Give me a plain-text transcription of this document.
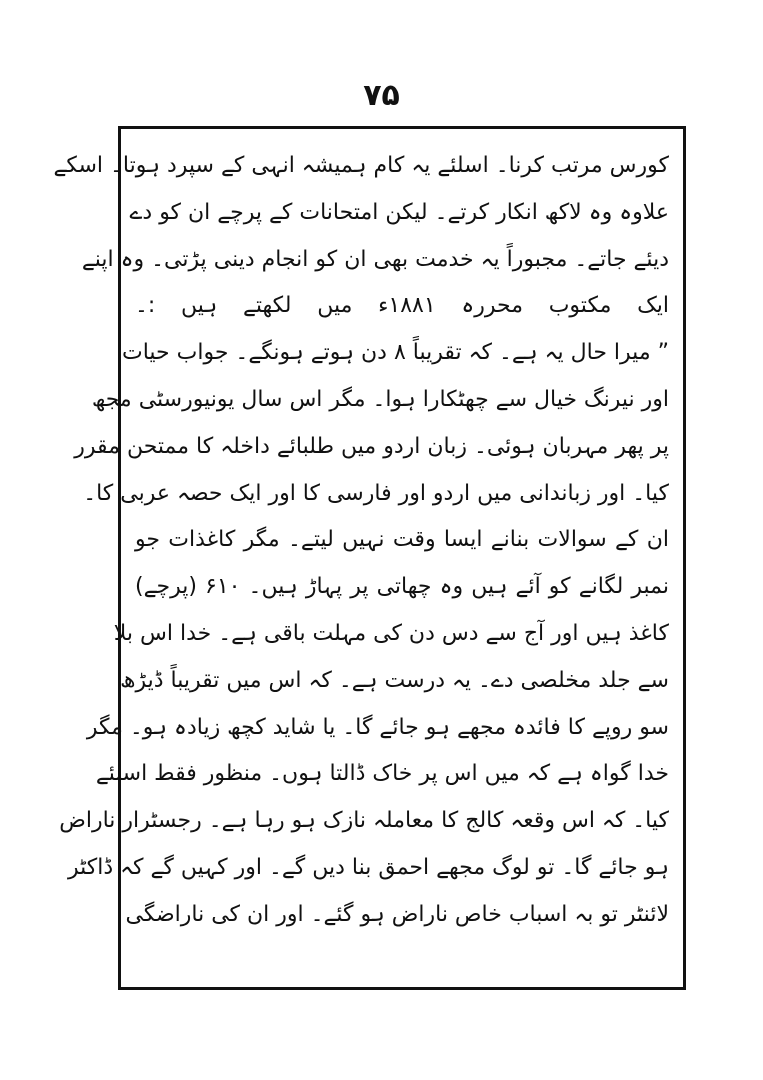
۷۵
کورس مرتب کرنا۔ اسلئے یہ کام ہمیشہ انہی کے سپرد ہوتا۔ اسکے
علاوہ وہ لاکھ انکار کرتے۔ لیکن امتحانات کے پرچے ان کو دے
دیئے جاتے۔ مجبوراً یہ خدمت بھی ان کو انجام دینی پڑتی۔ وہ اپنے
ایک مکتوب محررہ ۱۸۸۱ء میں لکھتے ہیں :۔
” میرا حال یہ ہے۔ کہ تقریباً ۸ دن ہوتے ہونگے۔ جواب حیات
اور نیرنگ خیال سے چھٹکارا ہوا۔ مگر اس سال یونیورسٹی مجھ
پر پھر مہربان ہوئی۔ زبان اردو میں طلبائے داخلہ کا ممتحن مقرر
کیا۔ اور زباندانی میں اردو اور فارسی کا اور ایک حصہ عربی کا۔
ان کے سوالات بنانے ایسا وقت نہیں لیتے۔ مگر کاغذات جو
نمبر لگانے کو آئے ہیں وہ چھاتی پر پہاڑ ہیں۔ ۶۱۰ (پرچے)
کاغذ ہیں اور آج سے دس دن کی مہلت باقی ہے۔ خدا اس بلا
سے جلد مخلصی دے۔ یہ درست ہے۔ کہ اس میں تقریباً ڈیڑھ
سو روپے کا فائدہ مجھے ہو جائے گا۔ یا شاید کچھ زیادہ ہو۔ مگر
خدا گواہ ہے کہ میں اس پر خاک ڈالتا ہوں۔ منظور فقط اسلئے
کیا۔ کہ اس وقعہ کالج کا معاملہ نازک ہو رہا ہے۔ رجسٹرار ناراض
ہو جائے گا۔ تو لوگ مجھے احمق بنا دیں گے۔ اور کہیں گے کہ ڈاکٹر
لائنٹر تو بہ اسباب خاص ناراض ہو گئے۔ اور ان کی ناراضگی
